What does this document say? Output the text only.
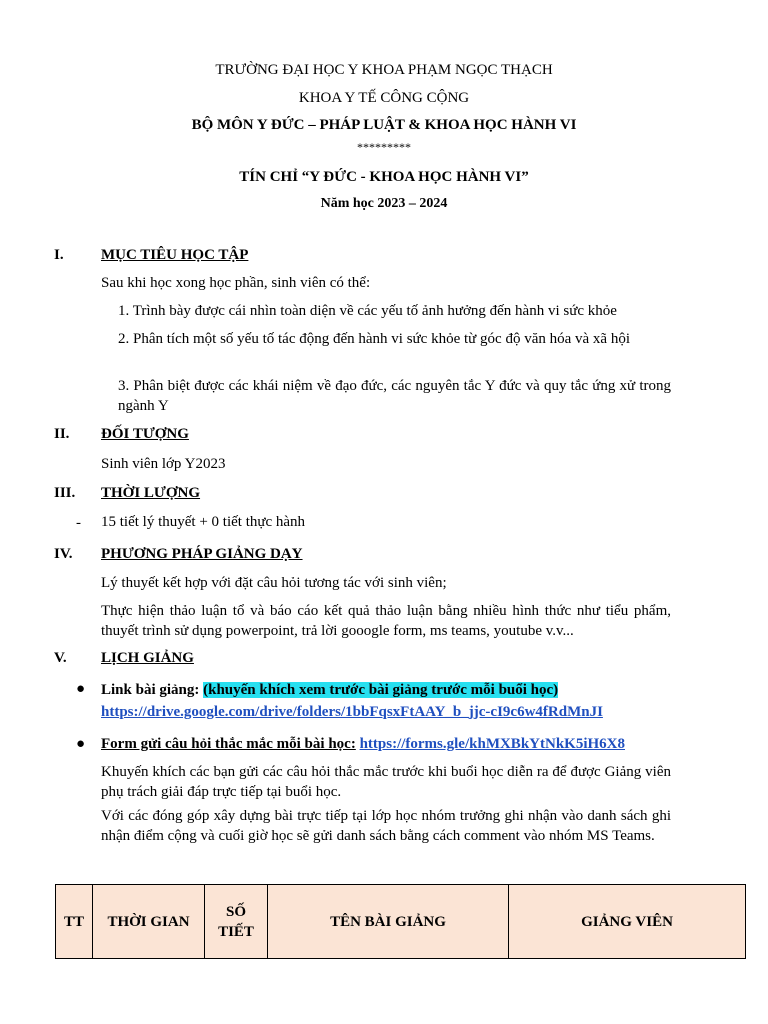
TRƯỜNG ĐẠI HỌC Y KHOA PHẠM NGỌC THẠCH
KHOA Y TẾ CÔNG CỘNG
BỘ MÔN Y ĐỨC – PHÁP LUẬT & KHOA HỌC HÀNH VI
*********
TÍN CHỈ “Y ĐỨC - KHOA HỌC HÀNH VI”
Năm học 2023 – 2024
I.	MỤC TIÊU HỌC TẬP
Sau khi học xong học phần, sinh viên có thể:
1. Trình bày được cái nhìn toàn diện về các yếu tố ảnh hưởng đến hành vi sức khỏe
2. Phân tích một số yếu tố tác động đến hành vi sức khỏe từ góc độ văn hóa và xã hội
3. Phân biệt được các khái niệm về đạo đức, các nguyên tắc Y đức và quy tắc ứng xử trong ngành Y
II.	ĐỐI TƯỢNG
Sinh viên lớp Y2023
III.	THỜI LƯỢNG
- 15 tiết lý thuyết + 0 tiết thực hành
IV.	PHƯƠNG PHÁP GIẢNG DẠY
Lý thuyết kết hợp với đặt câu hỏi tương tác với sinh viên;
Thực hiện thảo luận tổ và báo cáo kết quả thảo luận bằng nhiều hình thức như tiểu phẩm, thuyết trình sử dụng powerpoint, trả lời gooogle form, ms teams, youtube v.v...
V.	LỊCH GIẢNG
● Link bài giảng: (khuyến khích xem trước bài giảng trước mỗi buổi học)
https://drive.google.com/drive/folders/1bbFqsxFtAAY_b_jjc-cI9c6w4fRdMnJI
● Form gửi câu hỏi thắc mắc mỗi bài học: https://forms.gle/khMXBkYtNkK5iH6X8
Khuyến khích các bạn gửi các câu hỏi thắc mắc trước khi buổi học diễn ra để được Giảng viên phụ trách giải đáp trực tiếp tại buổi học.
Với các đóng góp xây dựng bài trực tiếp tại lớp học nhóm trưởng ghi nhận vào danh sách ghi nhận điểm cộng và cuối giờ học sẽ gửi danh sách bằng cách comment vào nhóm MS Teams.
TT	THỜI GIAN	SỐ TIẾT	TÊN BÀI GIẢNG	GIẢNG VIÊN
